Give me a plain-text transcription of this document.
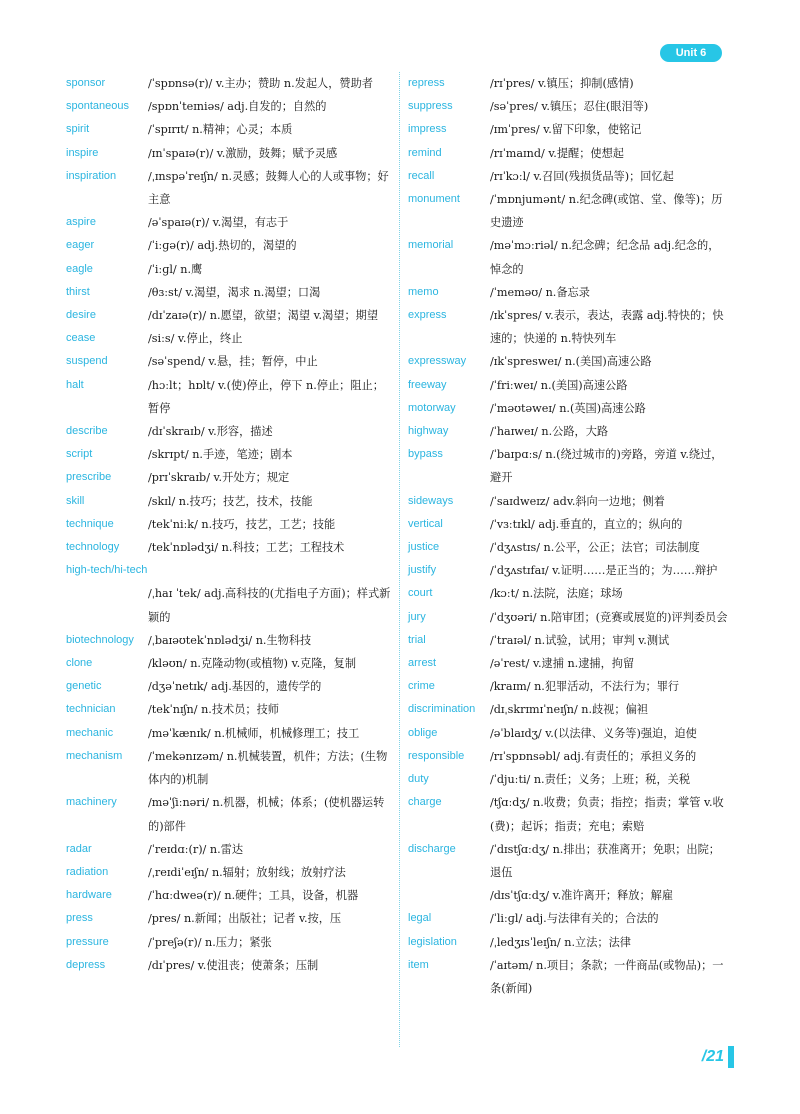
Unit 6
sponsor	/ˈspɒnsə(r)/ v.主办；赞助 n.发起人，赞助者
spontaneous	/spɒnˈteɪniəs/ adj.自发的；自然的
spirit	/ˈspɪrɪt/ n.精神；心灵；本质
inspire	/ɪnˈspaɪə(r)/ v.激励，鼓舞；赋予灵感
inspiration	/ˌɪnspəˈreɪʃn/ n.灵感；鼓舞人心的人或事物；好主意
aspire	/əˈspaɪə(r)/ v.渴望，有志于
eager	/ˈiːɡə(r)/ adj.热切的，渴望的
eagle	/ˈiːɡl/ n.鹰
thirst	/θɜːst/ v.渴望，渴求 n.渴望；口渴
desire	/dɪˈzaɪə(r)/ n.愿望，欲望；渴望 v.渴望；期望
cease	/siːs/ v.停止，终止
suspend	/səˈspend/ v.悬，挂；暂停，中止
halt	/hɔːlt；hɒlt/ v.(使)停止，停下 n.停止；阻止；暂停
describe	/dɪˈskraɪb/ v.形容，描述
script	/skrɪpt/ n.手迹，笔迹；剧本
prescribe	/prɪˈskraɪb/ v.开处方；规定
skill	/skɪl/ n.技巧；技艺，技术，技能
technique	/tekˈniːk/ n.技巧，技艺，工艺；技能
technology	/tekˈnɒlədʒi/ n.科技；工艺；工程技术
high-tech/hi-tech
/ˌhaɪ ˈtek/ adj.高科技的(尤指电子方面)；样式新颖的
biotechnology	/ˌbaɪəʊtekˈnɒlədʒi/ n.生物科技
clone	/kləʊn/ n.克隆动物(或植物) v.克隆，复制
genetic	/dʒəˈnetɪk/ adj.基因的，遗传学的
technician	/tekˈnɪʃn/ n.技术员；技师
mechanic	/məˈkænɪk/ n.机械师，机械修理工；技工
mechanism	/ˈmekənɪzəm/ n.机械装置，机件；方法；(生物体内的)机制
machinery	/məˈʃiːnəri/ n.机器，机械；体系；(使机器运转的)部件
radar	/ˈreɪdɑː(r)/ n.雷达
radiation	/ˌreɪdiˈeɪʃn/ n.辐射；放射线；放射疗法
hardware	/ˈhɑːdweə(r)/ n.硬件；工具，设备，机器
press	/pres/ n.新闻；出版社；记者 v.按，压
pressure	/ˈpreʃə(r)/ n.压力；紧张
depress	/dɪˈpres/ v.使沮丧；使萧条；压制
repress	/rɪˈpres/ v.镇压；抑制(感情)
suppress	/səˈpres/ v.镇压；忍住(眼泪等)
impress	/ɪmˈpres/ v.留下印象，使铭记
remind	/rɪˈmaɪnd/ v.提醒；使想起
recall	/rɪˈkɔːl/ v.召回(残损货品等)；回忆起
monument	/ˈmɒnjumənt/ n.纪念碑(或馆、堂、像等)；历史遗迹
memorial	/məˈmɔːriəl/ n.纪念碑；纪念品 adj.纪念的，悼念的
memo	/ˈmeməʊ/ n.备忘录
express	/ɪkˈspres/ v.表示，表达，表露 adj.特快的；快速的；快递的 n.特快列车
expressway	/ɪkˈspresweɪ/ n.(美国)高速公路
freeway	/ˈfriːweɪ/ n.(美国)高速公路
motorway	/ˈməʊtəweɪ/ n.(英国)高速公路
highway	/ˈhaɪweɪ/ n.公路，大路
bypass	/ˈbaɪpɑːs/ n.(绕过城市的)旁路，旁道 v.绕过，避开
sideways	/ˈsaɪdweɪz/ adv.斜向一边地；侧着
vertical	/ˈvɜːtɪkl/ adj.垂直的，直立的；纵向的
justice	/ˈdʒʌstɪs/ n.公平，公正；法官；司法制度
justify	/ˈdʒʌstɪfaɪ/ v.证明……是正当的；为……辩护
court	/kɔːt/ n.法院，法庭；球场
jury	/ˈdʒʊəri/ n.陪审团；(竞赛或展览的)评判委员会
trial	/ˈtraɪəl/ n.试验，试用；审判 v.测试
arrest	/əˈrest/ v.逮捕 n.逮捕，拘留
crime	/kraɪm/ n.犯罪活动，不法行为；罪行
discrimination	/dɪˌskrɪmɪˈneɪʃn/ n.歧视；偏袒
oblige	/əˈblaɪdʒ/ v.(以法律、义务等)强迫，迫使
responsible	/rɪˈspɒnsəbl/ adj.有责任的；承担义务的
duty	/ˈdjuːti/ n.责任；义务；上班；税，关税
charge	/tʃɑːdʒ/ n.收费；负责；指控；指责；掌管 v.收(费)；起诉；指责；充电；索赔
discharge	/ˈdɪstʃɑːdʒ/ n.排出；获准离开；免职；出院；退伍
/dɪsˈtʃɑːdʒ/ v.准许离开；释放；解雇
legal	/ˈliːɡl/ adj.与法律有关的；合法的
legislation	/ˌledʒɪsˈleɪʃn/ n.立法；法律
item	/ˈaɪtəm/ n.项目；条款；一件商品(或物品)；一条(新闻)
/21
